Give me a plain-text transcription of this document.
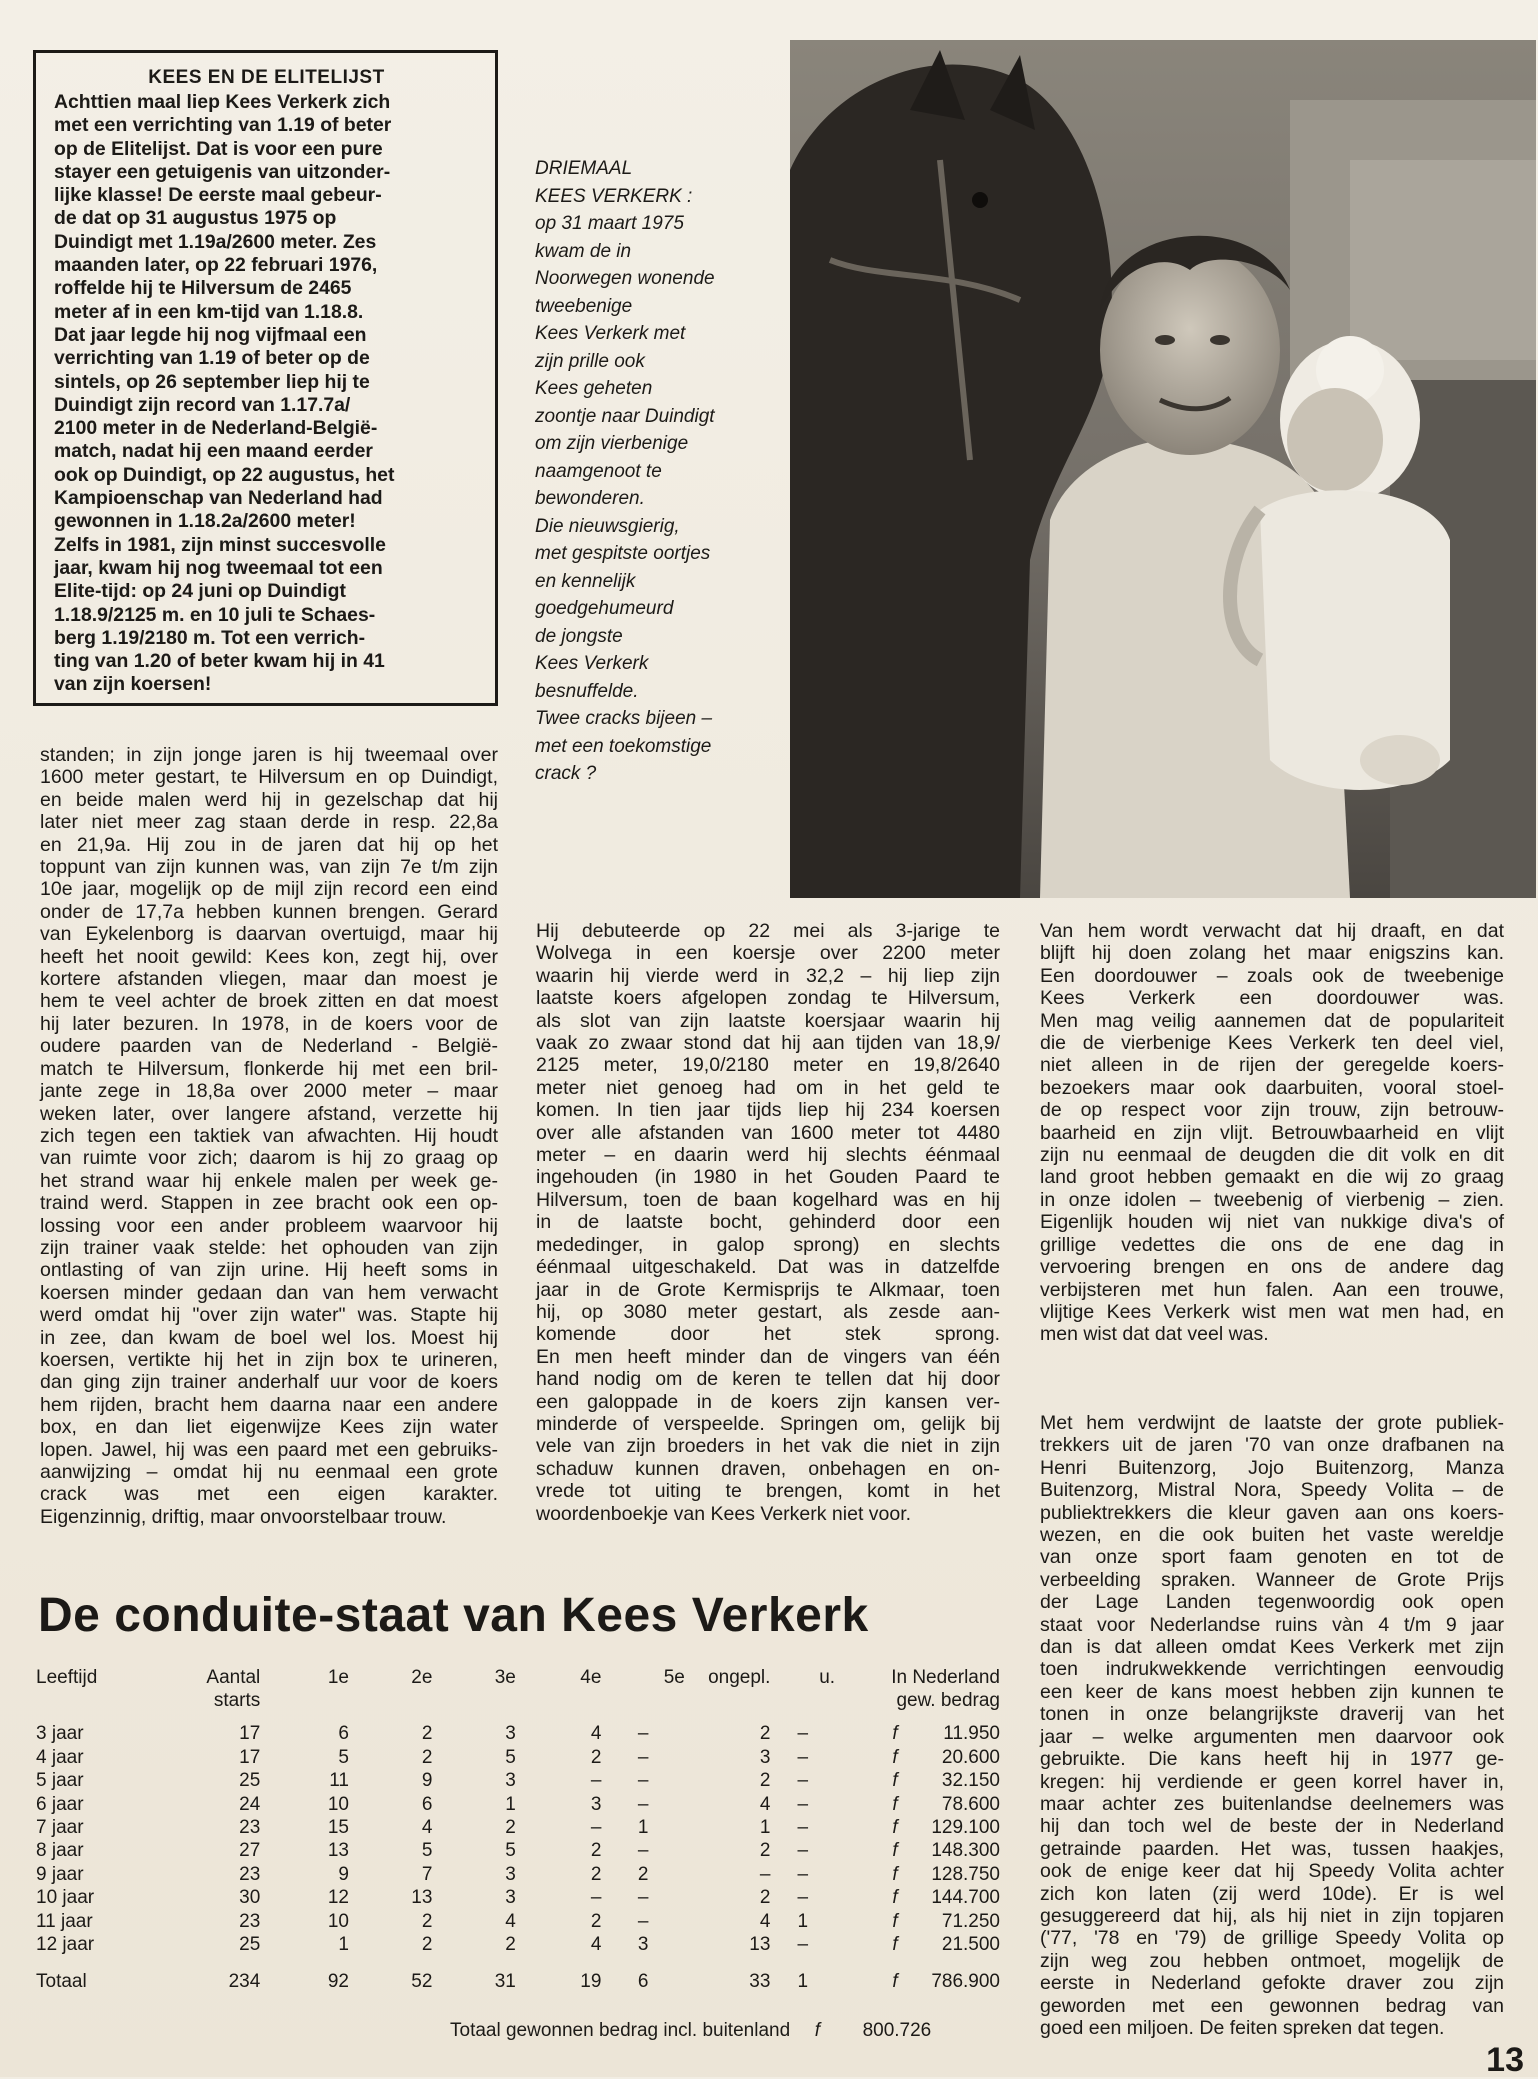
KEES EN DE ELITELIJST
Achttien maal liep Kees Verkerk zich
met een verrichting van 1.19 of beter
op de Elitelijst. Dat is voor een pure
stayer een getuigenis van uitzonder-
lijke klasse! De eerste maal gebeur-
de dat op 31 augustus 1975 op
Duindigt met 1.19a/2600 meter. Zes
maanden later, op 22 februari 1976,
roffelde hij te Hilversum de 2465
meter af in een km-tijd van 1.18.8.
Dat jaar legde hij nog vijfmaal een
verrichting van 1.19 of beter op de
sintels, op 26 september liep hij te
Duindigt zijn record van 1.17.7a/
2100 meter in de Nederland-Belgiё-
match, nadat hij een maand eerder
ook op Duindigt, op 22 augustus, het
Kampioenschap van Nederland had
gewonnen in 1.18.2a/2600 meter!
Zelfs in 1981, zijn minst succesvolle
jaar, kwam hij nog tweemaal tot een
Elite-tijd: op 24 juni op Duindigt
1.18.9/2125 m. en 10 juli te Schaes-
berg 1.19/2180 m. Tot een verrich-
ting van 1.20 of beter kwam hij in 41
van zijn koersen!
DRIEMAAL
KEES VERKERK :
op 31 maart 1975
kwam de in
Noorwegen wonende
tweebenige
Kees Verkerk met
zijn prille ook
Kees geheten
zoontje naar Duindigt
om zijn vierbenige
naamgenoot te
bewonderen.
Die nieuwsgierig,
met gespitste oortjes
en kennelijk
goedgehumeurd
de jongste
Kees Verkerk
besnuffelde.
Twee cracks bijeen –
met een toekomstige
crack ?
standen; in zijn jonge jaren is hij tweemaal over
1600 meter gestart, te Hilversum en op Duindigt,
en beide malen werd hij in gezelschap dat hij
later niet meer zag staan derde in resp. 22,8a
en 21,9a. Hij zou in de jaren dat hij op het
toppunt van zijn kunnen was, van zijn 7e t/m zijn
10e jaar, mogelijk op de mijl zijn record een eind
onder de 17,7a hebben kunnen brengen. Gerard
van Eykelenborg is daarvan overtuigd, maar hij
heeft het nooit gewild: Kees kon, zegt hij, over
kortere afstanden vliegen, maar dan moest je
hem te veel achter de broek zitten en dat moest
hij later bezuren. In 1978, in de koers voor de
oudere paarden van de Nederland - België-
match te Hilversum, flonkerde hij met een bril-
jante zege in 18,8a over 2000 meter – maar
weken later, over langere afstand, verzette hij
zich tegen een taktiek van afwachten. Hij houdt
van ruimte voor zich; daarom is hij zo graag op
het strand waar hij enkele malen per week ge-
traind werd. Stappen in zee bracht ook een op-
lossing voor een ander probleem waarvoor hij
zijn trainer vaak stelde: het ophouden van zijn
ontlasting of van zijn urine. Hij heeft soms in
koersen minder gedaan dan van hem verwacht
werd omdat hij "over zijn water" was. Stapte hij
in zee, dan kwam de boel wel los. Moest hij
koersen, vertikte hij het in zijn box te urineren,
dan ging zijn trainer anderhalf uur voor de koers
hem rijden, bracht hem daarna naar een andere
box, en dan liet eigenwijze Kees zijn water
lopen. Jawel, hij was een paard met een gebruiks-
aanwijzing – omdat hij nu eenmaal een grote
crack was met een eigen karakter.
Eigenzinnig, driftig, maar onvoorstelbaar trouw.
Hij debuteerde op 22 mei als 3-jarige te
Wolvega in een koersje over 2200 meter
waarin hij vierde werd in 32,2 – hij liep zijn
laatste koers afgelopen zondag te Hilversum,
als slot van zijn laatste koersjaar waarin hij
vaak zo zwaar stond dat hij aan tijden van 18,9/
2125 meter, 19,0/2180 meter en 19,8/2640
meter niet genoeg had om in het geld te
komen. In tien jaar tijds liep hij 234 koersen
over alle afstanden van 1600 meter tot 4480
meter – en daarin werd hij slechts éénmaal
ingehouden (in 1980 in het Gouden Paard te
Hilversum, toen de baan kogelhard was en hij
in de laatste bocht, gehinderd door een
mededinger, in galop sprong) en slechts
éénmaal uitgeschakeld. Dat was in datzelfde
jaar in de Grote Kermisprijs te Alkmaar, toen
hij, op 3080 meter gestart, als zesde aan-
komende door het stek sprong.
En men heeft minder dan de vingers van één
hand nodig om de keren te tellen dat hij door
een galoppade in de koers zijn kansen ver-
minderde of verspeelde. Springen om, gelijk bij
vele van zijn broeders in het vak die niet in zijn
schaduw kunnen draven, onbehagen en on-
vrede tot uiting te brengen, komt in het
woordenboekje van Kees Verkerk niet voor.
Van hem wordt verwacht dat hij draaft, en dat
blijft hij doen zolang het maar enigszins kan.
Een doordouwer – zoals ook de tweebenige
Kees Verkerk een doordouwer was.
Men mag veilig aannemen dat de populariteit
die de vierbenige Kees Verkerk ten deel viel,
niet alleen in de rijen der geregelde koers-
bezoekers maar ook daarbuiten, vooral stoel-
de op respect voor zijn trouw, zijn betrouw-
baarheid en zijn vlijt. Betrouwbaarheid en vlijt
zijn nu eenmaal de deugden die dit volk en dit
land groot hebben gemaakt en die wij zo graag
in onze idolen – tweebenig of vierbenig – zien.
Eigenlijk houden wij niet van nukkige diva's of
grillige vedettes die ons de ene dag in
vervoering brengen en ons de andere dag
verbijsteren met hun falen. Aan een trouwe,
vlijtige Kees Verkerk wist men wat men had, en
men wist dat dat veel was.
Met hem verdwijnt de laatste der grote publiek-
trekkers uit de jaren '70 van onze drafbanen na
Henri Buitenzorg, Jojo Buitenzorg, Manza
Buitenzorg, Mistral Nora, Speedy Volita – de
publiektrekkers die kleur gaven aan ons koers-
wezen, en die ook buiten het vaste wereldje
van onze sport faam genoten en tot de
verbeelding spraken. Wanneer de Grote Prijs
der Lage Landen tegenwoordig ook open
staat voor Nederlandse ruins vàn 4 t/m 9 jaar
dan is dat alleen omdat Kees Verkerk met zijn
toen indrukwekkende verrichtingen eenvoudig
een keer de kans moest hebben zijn kunnen te
tonen in onze belangrijkste draverij van het
jaar – welke argumenten men daarvoor ook
gebruikte. Die kans heeft hij in 1977 ge-
kregen: hij verdiende er geen korrel haver in,
maar achter zes buitenlandse deelnemers was
hij dan toch wel de beste der in Nederland
getrainde paarden. Het was, tussen haakjes,
ook de enige keer dat hij Speedy Volita achter
zich kon laten (zij werd 10de). Er is wel
gesuggereerd dat hij, als hij niet in zijn topjaren
('77, '78 en '79) de grillige Speedy Volita op
zijn weg zou hebben ontmoet, mogelijk de
eerste in Nederland gefokte draver zou zijn
geworden met een gewonnen bedrag van
goed een miljoen. De feiten spreken dat tegen.
De conduite-staat van Kees Verkerk
Leeftijd	Aantal	1e	2e	3e	4e	5e	ongepl.	u.	In Nederland	
	starts								gew. bedrag	

3 jaar	17	6	2	3	4	–	2	–	f	11.950
4 jaar	17	5	2	5	2	–	3	–	f	20.600
5 jaar	25	11	9	3	–	–	2	–	f	32.150
6 jaar	24	10	6	1	3	–	4	–	f	78.600
7 jaar	23	15	4	2	–	1	1	–	f	129.100
8 jaar	27	13	5	5	2	–	2	–	f	148.300
9 jaar	23	9	7	3	2	2	–	–	f	128.750
10 jaar	30	12	13	3	–	–	2	–	f	144.700
11 jaar	23	10	2	4	2	–	4	1	f	71.250
12 jaar	25	1	2	2	4	3	13	–	f	21.500

Totaal	234	92	52	31	19	6	33	1	f	786.900
Totaal gewonnen bedrag incl. buitenland f 800.726
13
